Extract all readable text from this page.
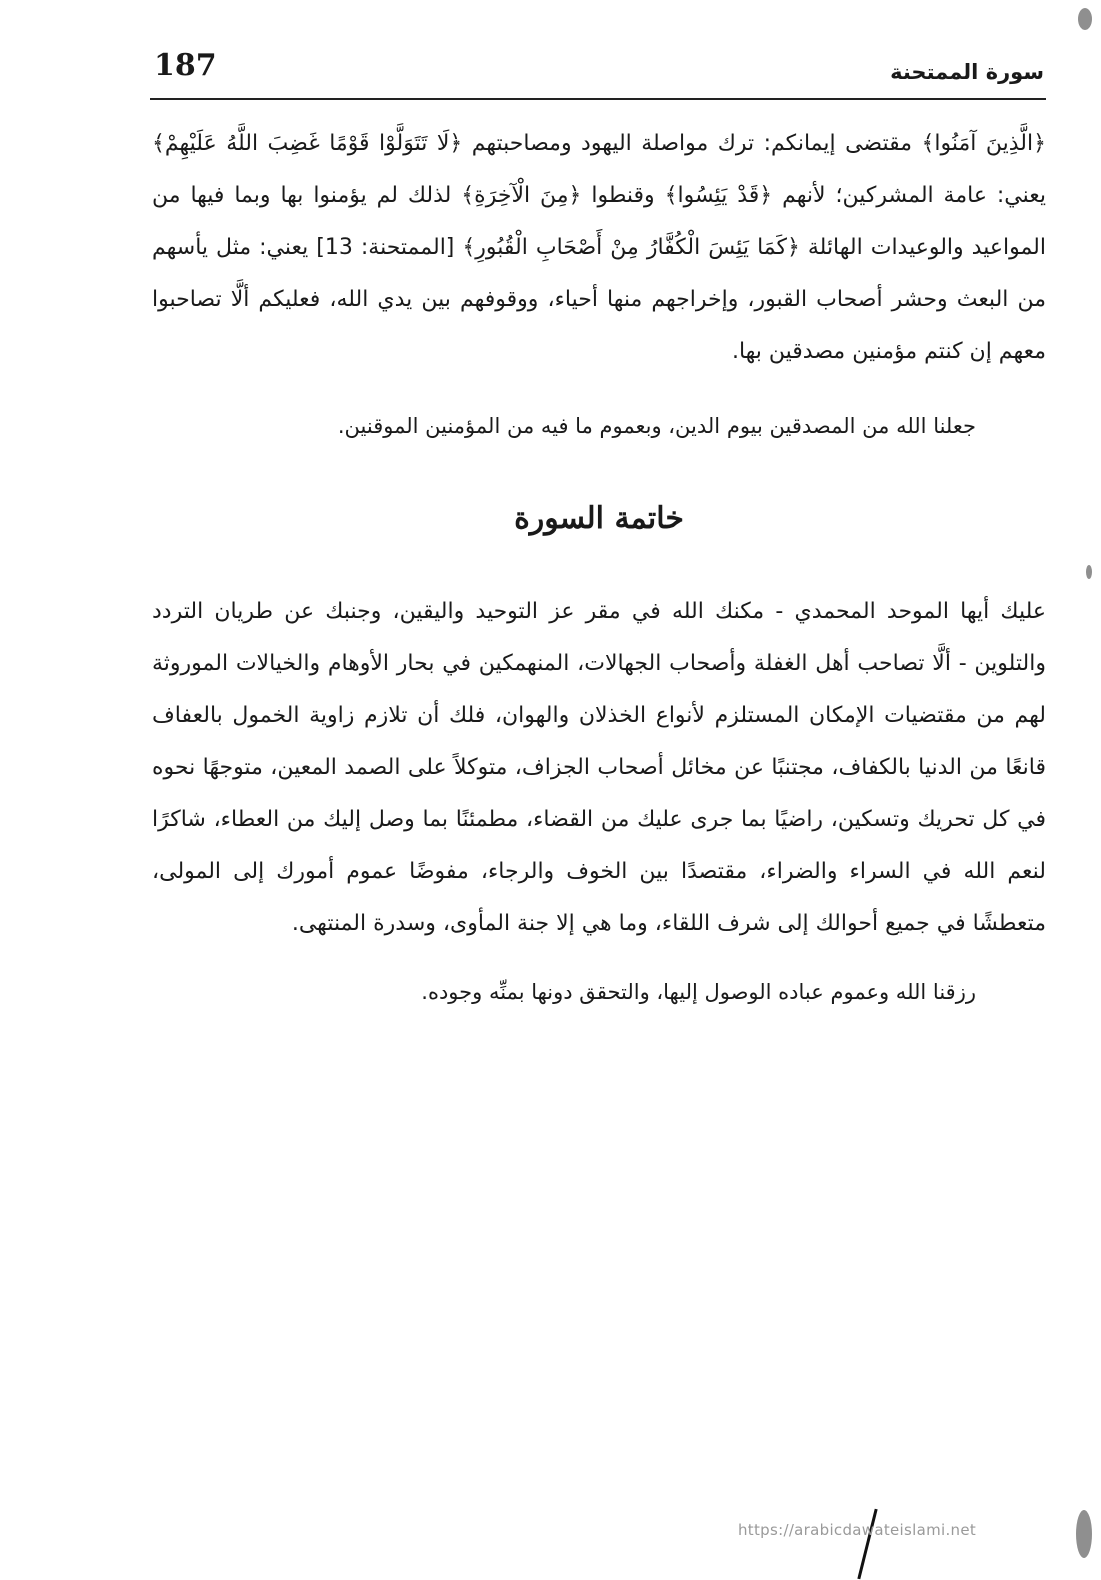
187	سورة الممتحنة

﴿الَّذِينَ آمَنُوا﴾ مقتضى إيمانكم: ترك مواصلة اليهود ومصاحبتهم ﴿لَا تَتَوَلَّوْا قَوْمًا غَضِبَ اللَّهُ عَلَيْهِمْ﴾ يعني: عامة المشركين؛ لأنهم ﴿قَدْ يَئِسُوا﴾ وقنطوا ﴿مِنَ الْآخِرَةِ﴾ لذلك لم يؤمنوا بها وبما فيها من المواعيد والوعيدات الهائلة ﴿كَمَا يَئِسَ الْكُفَّارُ مِنْ أَصْحَابِ الْقُبُورِ﴾ [الممتحنة: 13] يعني: مثل يأسهم من البعث وحشر أصحاب القبور، وإخراجهم منها أحياء، ووقوفهم بين يدي الله، فعليكم ألَّا تصاحبوا معهم إن كنتم مؤمنين مصدقين بها.

جعلنا الله من المصدقين بيوم الدين، وبعموم ما فيه من المؤمنين الموقنين.

خاتمة السورة

عليك أيها الموحد المحمدي - مكنك الله في مقر عز التوحيد واليقين، وجنبك عن طريان التردد والتلوين - ألَّا تصاحب أهل الغفلة وأصحاب الجهالات، المنهمكين في بحار الأوهام والخيالات الموروثة لهم من مقتضيات الإمكان المستلزم لأنواع الخذلان والهوان، فلك أن تلازم زاوية الخمول بالعفاف قانعًا من الدنيا بالكفاف، مجتنبًا عن مخائل أصحاب الجزاف، متوكلاً على الصمد المعين، متوجهًا نحوه في كل تحريك وتسكين، راضيًا بما جرى عليك من القضاء، مطمئنًا بما وصل إليك من العطاء، شاكرًا لنعم الله في السراء والضراء، مقتصدًا بين الخوف والرجاء، مفوضًا عموم أمورك إلى المولى، متعطشًا في جميع أحوالك إلى شرف اللقاء، وما هي إلا جنة المأوى، وسدرة المنتهى.

رزقنا الله وعموم عباده الوصول إليها، والتحقق دونها بمنِّه وجوده.

https://arabicdawateislami.net
